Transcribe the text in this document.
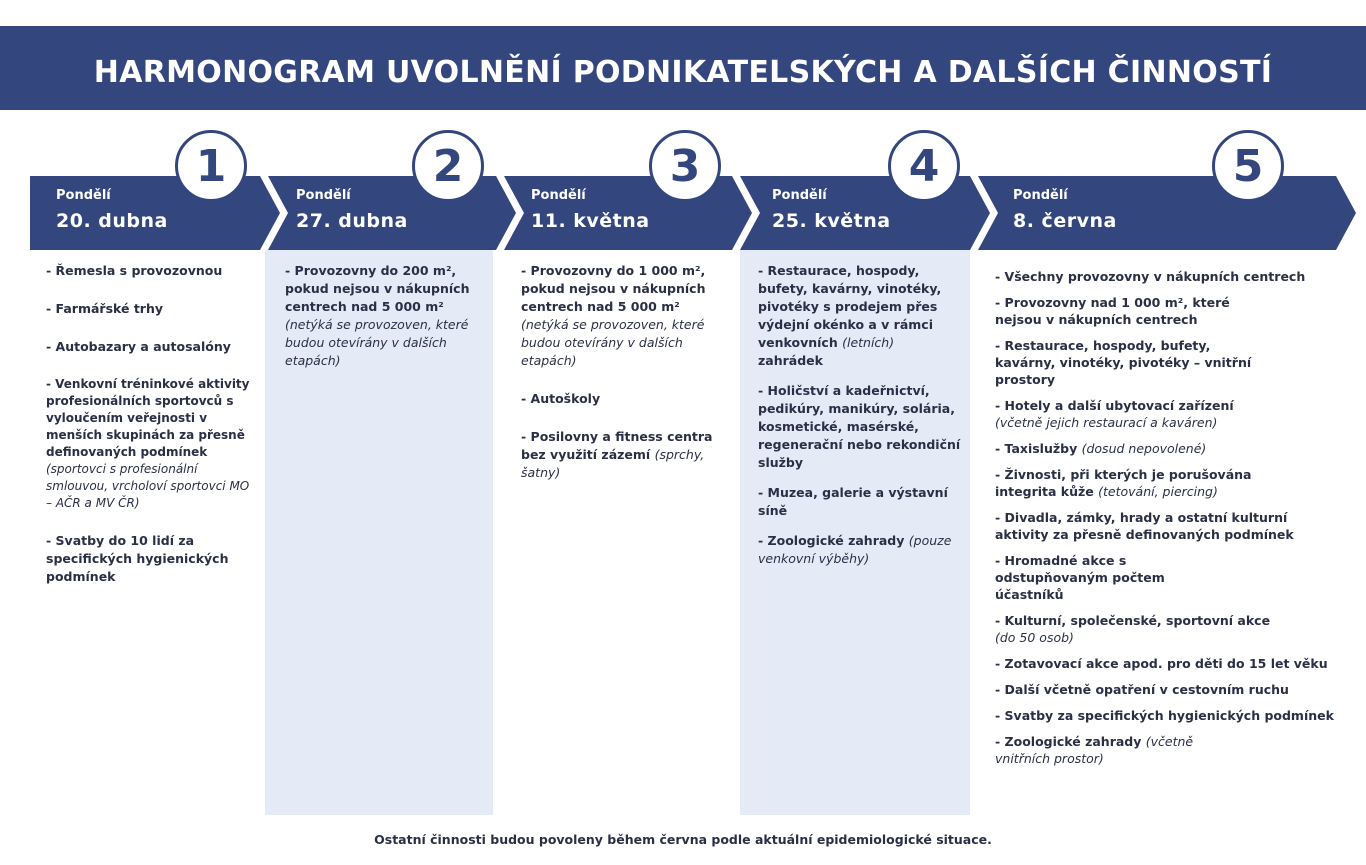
HARMONOGRAM UVOLNĚNÍ PODNIKATELSKÝCH A DALŠÍCH ČINNOSTÍ
Pondělí
20. dubna
Pondělí
27. dubna
Pondělí
11. května
Pondělí
25. května
Pondělí
8. června
1	2	3	4	5
- Řemesla s provozovnou
- Farmářské trhy
- Autobazary a autosalóny
- Venkovní tréninkové aktivity profesionálních sportovců s vyloučením veřejnosti v menších skupinách za přesně definovaných podmínek (sportovci s profesionální smlouvou, vrcholoví sportovci MO – AČR a MV ČR)
- Svatby do 10 lidí za specifických hygienických podmínek
- Provozovny do 200 m², pokud nejsou v nákupních centrech nad 5 000 m² (netýká se provozoven, které budou otevírány v dalších etapách)
- Provozovny do 1 000 m², pokud nejsou v nákupních centrech nad 5 000 m² (netýká se provozoven, které budou otevírány v dalších etapách)
- Autoškoly
- Posilovny a fitness centra bez využití zázemí (sprchy, šatny)
- Restaurace, hospody, bufety, kavárny, vinotéky, pivotéky s prodejem přes výdejní okénko a v rámci venkovních (letních) zahrádek
- Holičství a kadeřnictví, pedikúry, manikúry, solária, kosmetické, masérské, regenerační nebo rekondiční služby
- Muzea, galerie a výstavní síně
- Zoologické zahrady (pouze venkovní výběhy)
- Všechny provozovny v nákupních centrech
- Provozovny nad 1 000 m², které nejsou v nákupních centrech
- Restaurace, hospody, bufety, kavárny, vinotéky, pivotéky – vnitřní prostory
- Hotely a další ubytovací zařízení (včetně jejich restaurací a kaváren)
- Taxislužby (dosud nepovolené)
- Živnosti, při kterých je porušována integrita kůže (tetování, piercing)
- Divadla, zámky, hrady a ostatní kulturní aktivity za přesně definovaných podmínek
- Hromadné akce s odstupňovaným počtem účastníků
- Kulturní, společenské, sportovní akce (do 50 osob)
- Zotavovací akce apod. pro děti do 15 let věku
- Další včetně opatření v cestovním ruchu
- Svatby za specifických hygienických podmínek
- Zoologické zahrady (včetně vnitřních prostor)
Ostatní činnosti budou povoleny během června podle aktuální epidemiologické situace.
